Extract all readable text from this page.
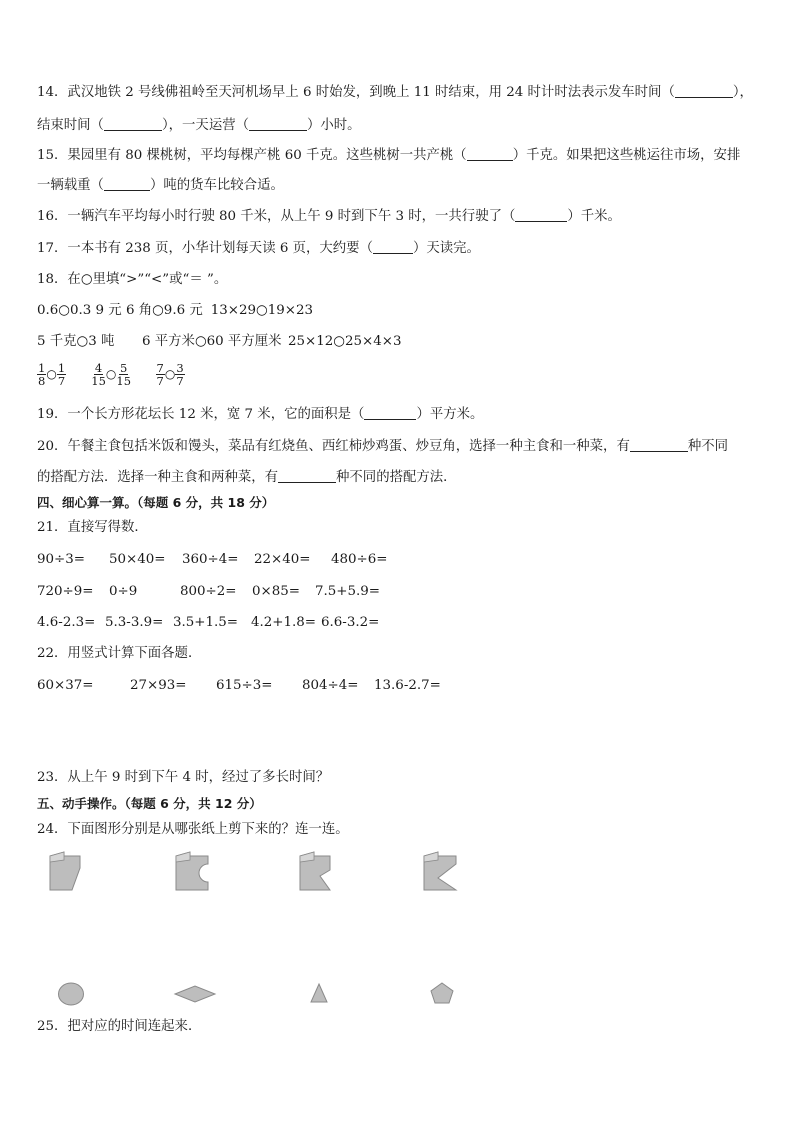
14．武汉地铁 2 号线佛祖岭至天河机场早上 6 时始发，到晚上 11 时结束，用 24 时计时法表示发车时间（	），
结束时间（	），一天运营（	）小时。
15．果园里有 80 棵桃树，平均每棵产桃 60 千克。这些桃树一共产桃（	）千克。如果把这些桃运往市场，安排
一辆载重（	）吨的货车比较合适。
16．一辆汽车平均每小时行驶 80 千米，从上午 9 时到下午 3 时，一共行驶了（	）千米。
17．一本书有 238 页，小华计划每天读 6 页，大约要（	）天读完。
18．在○里填“>”“<”或“＝ ”。
0.6○0.3 9 元 6 角○9.6 元 13×29○19×23
5 千克○3 吨 6 平方米○60 平方厘米 25×12○25×4×3
$\frac{1}{8}$ ○ $\frac{1}{7}$
$\frac{4}{15}$ ○ $\frac{5}{15}$
$\frac{7}{7}$ ○ $\frac{3}{7}$
19．一个长方形花坛长 12 米，宽 7 米，它的面积是（	）平方米。
20．午餐主食包括米饭和馒头，菜品有红烧鱼、西红柿炒鸡蛋、炒豆角，选择一种主食和一种菜，有	种不同
的搭配方法．选择一种主食和两种菜，有	种不同的搭配方法．
四、细心算一算。（每题 6 分，共 18 分）
21．直接写得数．
90÷3= 50×40= 360÷4= 22×40= 480÷6=
720÷9= 0÷9	800÷2= 0×85= 7.5+5.9=
4.6-2.3= 5.3-3.9= 3.5+1.5= 4.2+1.8= 6.6-3.2=
22．用竖式计算下面各题．
60×37=	27×93= 615÷3= 804÷4= 13.6-2.7=
23．从上午 9 时到下午 4 时，经过了多长时间？
五、动手操作。（每题 6 分，共 12 分）
24．下面图形分别是从哪张纸上剪下来的？连一连。
25．把对应的时间连起来．
